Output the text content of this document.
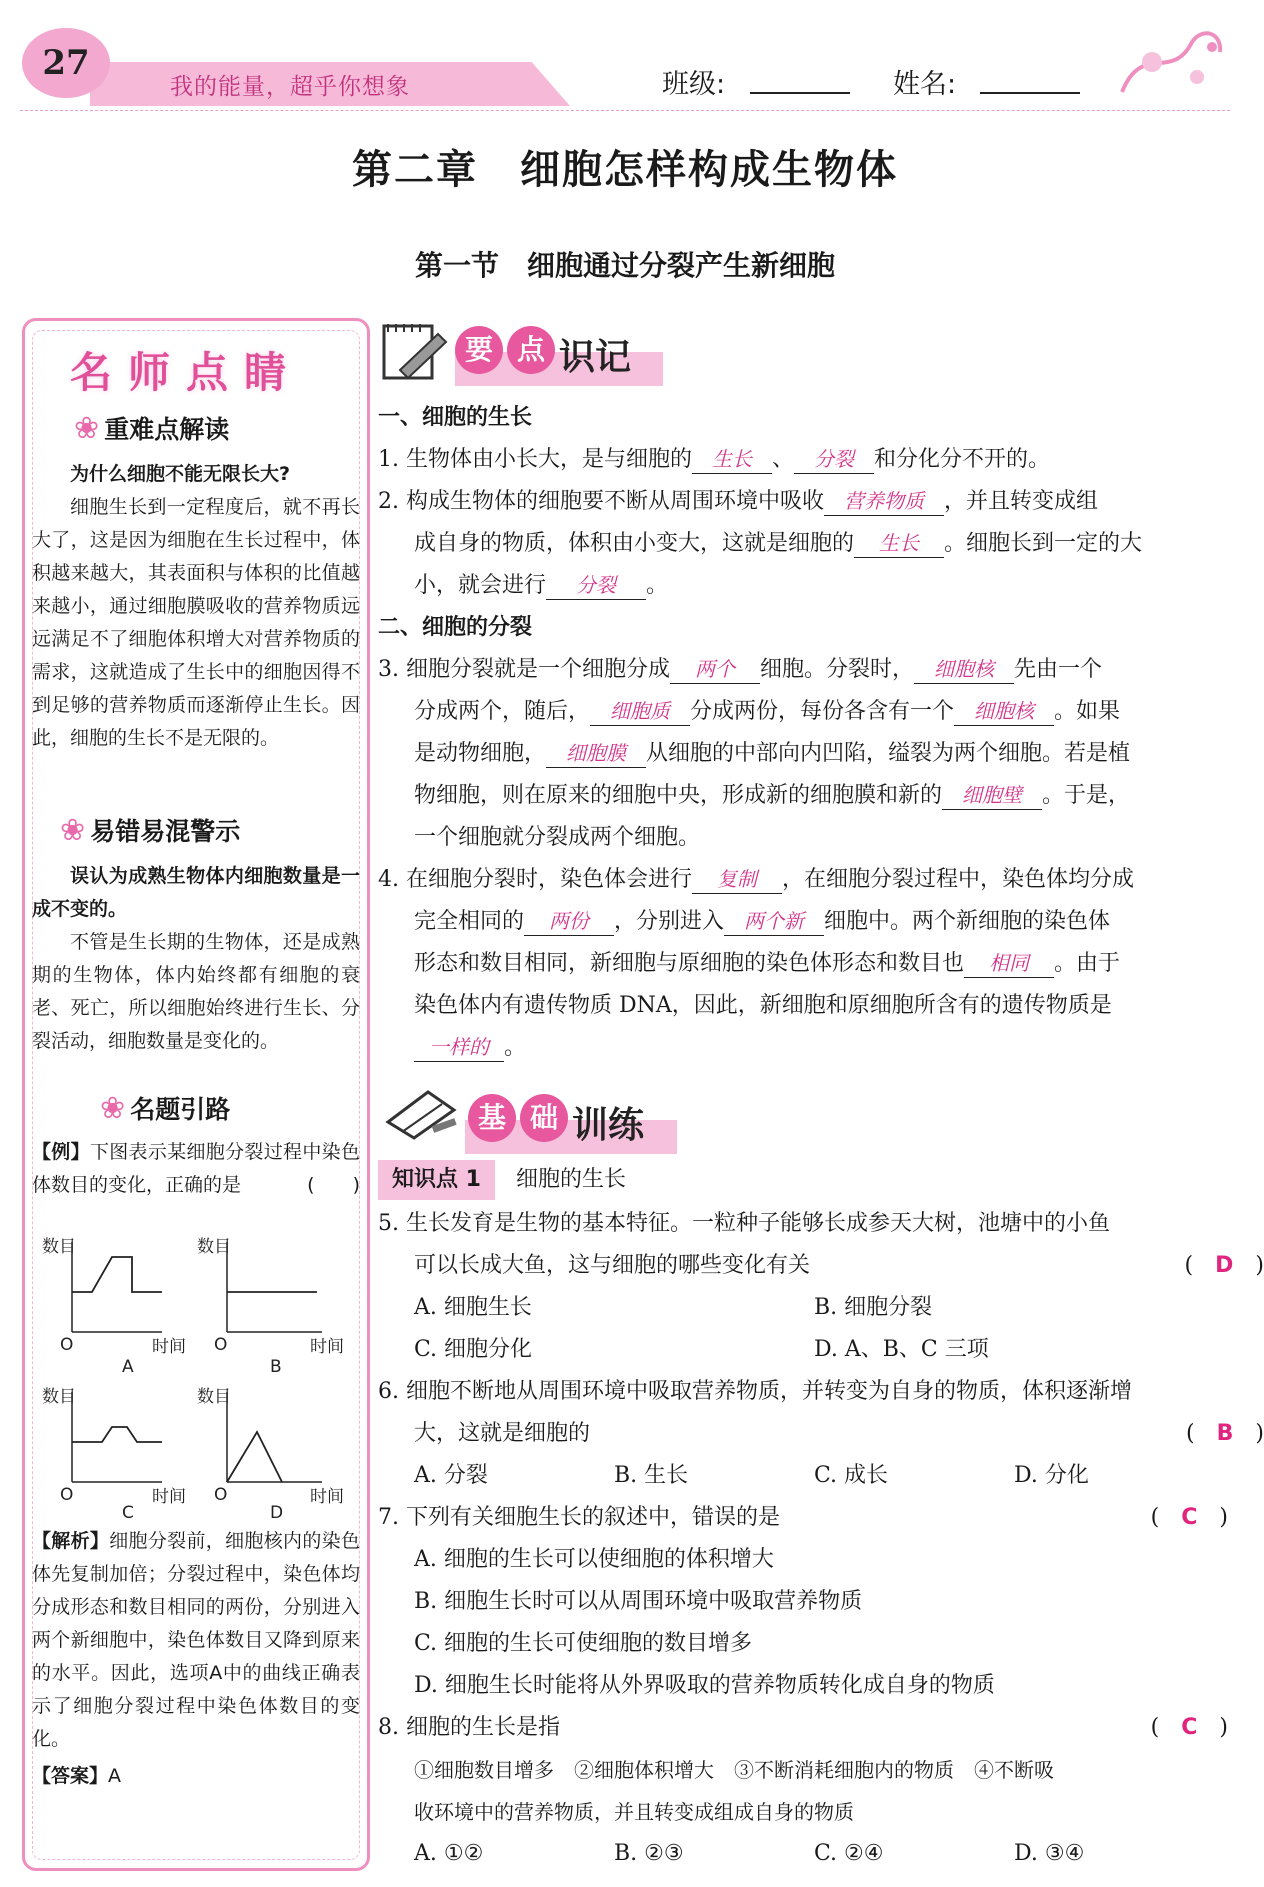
27
我的能量，超乎你想象	班级:	姓名:
第二章　细胞怎样构成生物体
第一节　细胞通过分裂产生新细胞
名师点睛
❀ 重难点解读

为什么细胞不能无限长大?

细胞生长到一定程度后，就不再长大了，这是因为细胞在生长过程中，体积越来越大，其表面积与体积的比值越来越小，通过细胞膜吸收的营养物质远远满足不了细胞体积增大对营养物质的需求，这就造成了生长中的细胞因得不到足够的营养物质而逐渐停止生长。因此，细胞的生长不是无限的。

❀ 易错易混警示

误认为成熟生物体内细胞数量是一成不变的。

不管是生长期的生物体，还是成熟期的生物体，体内始终都有细胞的衰老、死亡，所以细胞始终进行生长、分裂活动，细胞数量是变化的。

❀ 名题引路
【例】下图表示某细胞分裂过程中染色体数目的变化，正确的是	(　　)
数目
O	时间
A
数目
O	时间
B
数目
O	时间
C
数目
O	时间
D
【解析】细胞分裂前，细胞核内的染色体先复制加倍；分裂过程中，染色体均分成形态和数目相同的两份，分别进入两个新细胞中，染色体数目又降到原来的水平。因此，选项A中的曲线正确表示了细胞分裂过程中染色体数目的变化。
【答案】A
要 点 识记
一、细胞的生长
1. 生物体由小长大，是与细胞的 生长 、 分裂 和分化分不开的。
2. 构成生物体的细胞要不断从周围环境中吸收 营养物质 ，并且转变成组
成自身的物质，体积由小变大，这就是细胞的 生长 。细胞长到一定的大
小，就会进行 分裂 。
二、细胞的分裂
3. 细胞分裂就是一个细胞分成 两个 细胞。分裂时， 细胞核 先由一个
分成两个，随后， 细胞质 分成两份，每份各含有一个 细胞核 。如果
是动物细胞， 细胞膜 从细胞的中部向内凹陷，缢裂为两个细胞。若是植
物细胞，则在原来的细胞中央，形成新的细胞膜和新的 细胞壁 。于是，
一个细胞就分裂成两个细胞。
4. 在细胞分裂时，染色体会进行 复制 ，在细胞分裂过程中，染色体均分成
完全相同的 两份 ，分别进入 两个新 细胞中。两个新细胞的染色体
形态和数目相同，新细胞与原细胞的染色体形态和数目也 相同 。由于
染色体内有遗传物质 DNA，因此，新细胞和原细胞所含有的遗传物质是
一样的 。
基 础 训练
知识点 1 细胞的生长
5. 生长发育是生物的基本特征。一粒种子能够长成参天大树，池塘中的小鱼
可以长成大鱼，这与细胞的哪些变化有关	(　 D　 )
A. 细胞生长	B. 细胞分裂
C. 细胞分化	D. A、B、C 三项
6. 细胞不断地从周围环境中吸取营养物质，并转变为自身的物质，体积逐渐增
大，这就是细胞的	(　 B　 )
A. 分裂	B. 生长	C. 成长	D. 分化
7. 下列有关细胞生长的叙述中，错误的是	(　 C　 )
A. 细胞的生长可以使细胞的体积增大
B. 细胞生长时可以从周围环境中吸取营养物质
C. 细胞的生长可使细胞的数目增多
D. 细胞生长时能将从外界吸取的营养物质转化成自身的物质
8. 细胞的生长是指	(　 C　 )
①细胞数目增多　②细胞体积增大　③不断消耗细胞内的物质　④不断吸
收环境中的营养物质，并且转变成组成自身的物质
A. ①②	B. ②③	C. ②④	D. ③④
